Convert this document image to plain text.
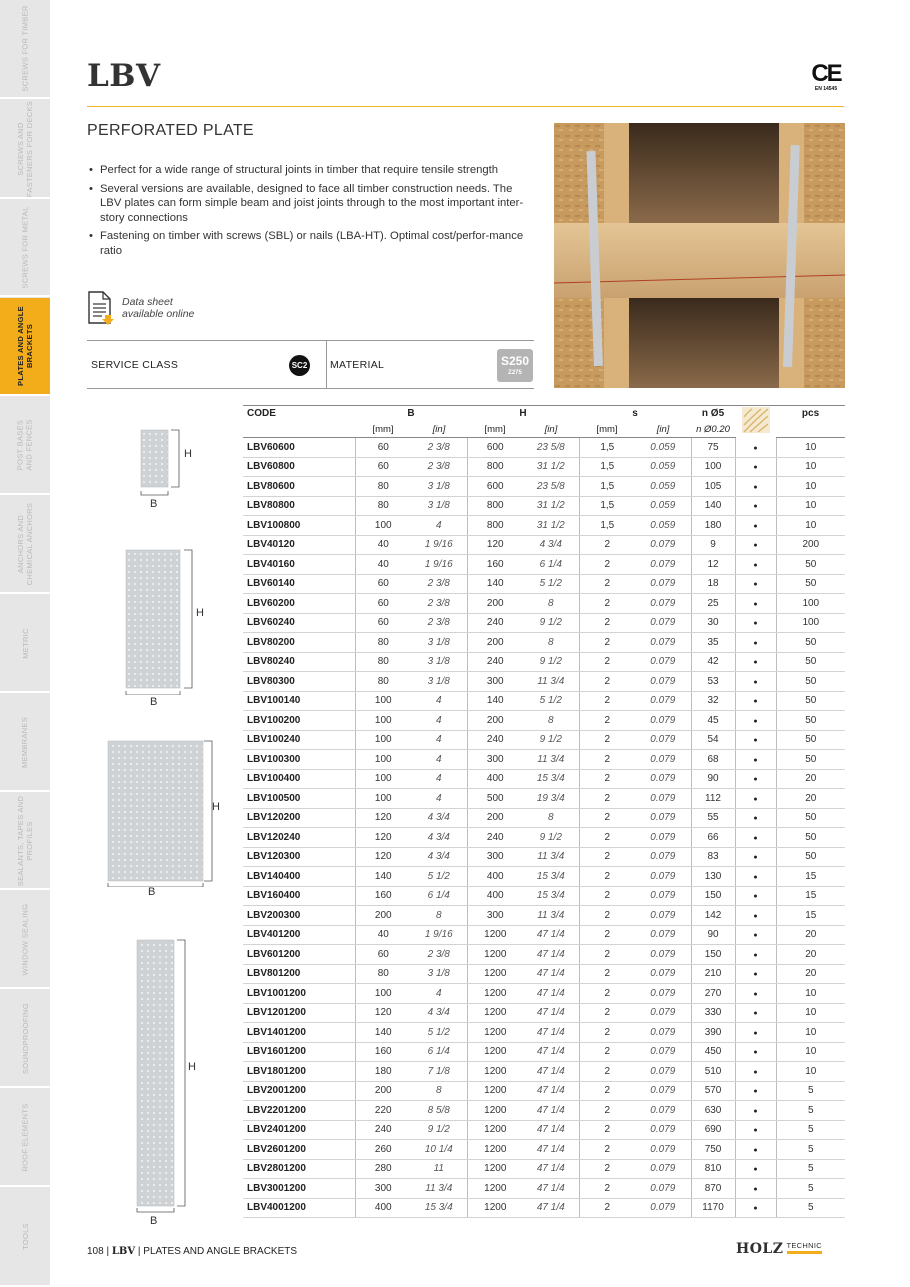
SCREWS FOR TIMBER
SCREWS AND
FASTENERS FOR DECKS
SCREWS FOR METAL
PLATES AND ANGLE
BRACKETS
POST BASES
AND FENCES
ANCHORS AND
CHEMICAL ANCHORS
METRIC
MEMBRANES
SEALANTS, TAPES AND
PROFILES
WINDOW SEALING
SOUNDPROOFING
ROOF ELEMENTS
TOOLS
LBV	CE
EN 14545
PERFORATED PLATE
• Perfect for a wide range of structural joints in timber that require tensile strength
• Several versions are available, designed to face all timber construction needs. The LBV plates can form simple beam and joist joints through to the most important inter-story connections
• Fastening on timber with screws (SBL) or nails (LBA-HT). Optimal cost/perfor-mance ratio
Data sheet
available online
SERVICE CLASS	SC2 MATERIAL	S250
Z275
H
B
H
B
H
B
H
B
CODE	B		H		s		n Ø5		pcs
	[mm]	[in]	[mm]	[in]	[mm]	[in]	n Ø0.20		
LBV60600	60	2 3/8	600	23 5/8	1,5	0.059	75	●	10
LBV60800	60	2 3/8	800	31 1/2	1,5	0.059	100	●	10
LBV80600	80	3 1/8	600	23 5/8	1,5	0.059	105	●	10
LBV80800	80	3 1/8	800	31 1/2	1,5	0.059	140	●	10
LBV100800	100	4	800	31 1/2	1,5	0.059	180	●	10
LBV40120	40	1 9/16	120	4 3/4	2	0.079	9	●	200
LBV40160	40	1 9/16	160	6 1/4	2	0.079	12	●	50
LBV60140	60	2 3/8	140	5 1/2	2	0.079	18	●	50
LBV60200	60	2 3/8	200	8	2	0.079	25	●	100
LBV60240	60	2 3/8	240	9 1/2	2	0.079	30	●	100
LBV80200	80	3 1/8	200	8	2	0.079	35	●	50
LBV80240	80	3 1/8	240	9 1/2	2	0.079	42	●	50
LBV80300	80	3 1/8	300	11 3/4	2	0.079	53	●	50
LBV100140	100	4	140	5 1/2	2	0.079	32	●	50
LBV100200	100	4	200	8	2	0.079	45	●	50
LBV100240	100	4	240	9 1/2	2	0.079	54	●	50
LBV100300	100	4	300	11 3/4	2	0.079	68	●	50
LBV100400	100	4	400	15 3/4	2	0.079	90	●	20
LBV100500	100	4	500	19 3/4	2	0.079	112	●	20
LBV120200	120	4 3/4	200	8	2	0.079	55	●	50
LBV120240	120	4 3/4	240	9 1/2	2	0.079	66	●	50
LBV120300	120	4 3/4	300	11 3/4	2	0.079	83	●	50
LBV140400	140	5 1/2	400	15 3/4	2	0.079	130	●	15
LBV160400	160	6 1/4	400	15 3/4	2	0.079	150	●	15
LBV200300	200	8	300	11 3/4	2	0.079	142	●	15
LBV401200	40	1 9/16	1200	47 1/4	2	0.079	90	●	20
LBV601200	60	2 3/8	1200	47 1/4	2	0.079	150	●	20
LBV801200	80	3 1/8	1200	47 1/4	2	0.079	210	●	20
LBV1001200	100	4	1200	47 1/4	2	0.079	270	●	10
LBV1201200	120	4 3/4	1200	47 1/4	2	0.079	330	●	10
LBV1401200	140	5 1/2	1200	47 1/4	2	0.079	390	●	10
LBV1601200	160	6 1/4	1200	47 1/4	2	0.079	450	●	10
LBV1801200	180	7 1/8	1200	47 1/4	2	0.079	510	●	10
LBV2001200	200	8	1200	47 1/4	2	0.079	570	●	5
LBV2201200	220	8 5/8	1200	47 1/4	2	0.079	630	●	5
LBV2401200	240	9 1/2	1200	47 1/4	2	0.079	690	●	5
LBV2601200	260	10 1/4	1200	47 1/4	2	0.079	750	●	5
LBV2801200	280	11	1200	47 1/4	2	0.079	810	●	5
LBV3001200	300	11 3/4	1200	47 1/4	2	0.079	870	●	5
LBV4001200	400	15 3/4	1200	47 1/4	2	0.079	1170	●	5
108 | LBV | PLATES AND ANGLE BRACKETS	HOLZ TECHNIC
